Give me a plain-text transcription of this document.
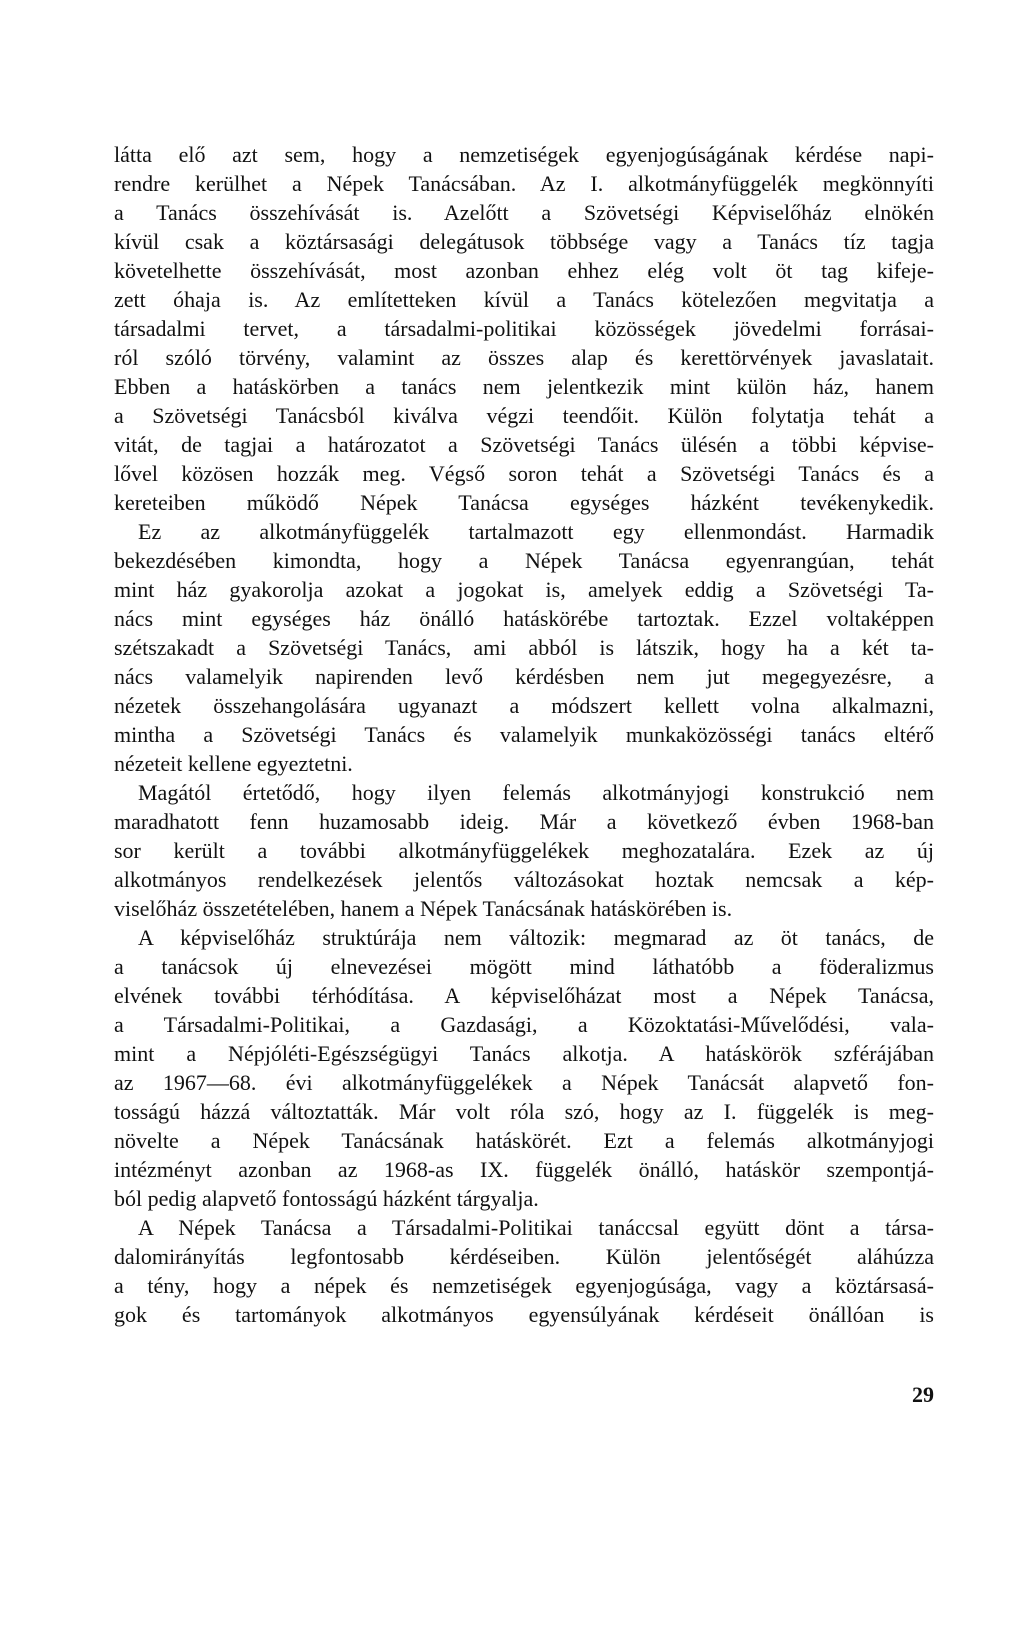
látta elő azt sem, hogy a nemzetiségek egyenjogúságának kérdése napi-
rendre kerülhet a Népek Tanácsában. Az I. alkotmányfüggelék megkönnyíti
a Tanács összehívását is. Azelőtt a Szövetségi Képviselőház elnökén
kívül csak a köztársasági delegátusok többsége vagy a Tanács tíz tagja
követelhette összehívását, most azonban ehhez elég volt öt tag kifeje-
zett óhaja is. Az említetteken kívül a Tanács kötelezően megvitatja a
társadalmi tervet, a társadalmi-politikai közösségek jövedelmi forrásai-
ról szóló törvény, valamint az összes alap és kerettörvények javaslatait.
Ebben a hatáskörben a tanács nem jelentkezik mint külön ház, hanem
a Szövetségi Tanácsból kiválva végzi teendőit. Külön folytatja tehát a
vitát, de tagjai a határozatot a Szövetségi Tanács ülésén a többi képvise-
lővel közösen hozzák meg. Végső soron tehát a Szövetségi Tanács és a
kereteiben működő Népek Tanácsa egységes házként tevékenykedik.
Ez az alkotmányfüggelék tartalmazott egy ellenmondást. Harmadik
bekezdésében kimondta, hogy a Népek Tanácsa egyenrangúan, tehát
mint ház gyakorolja azokat a jogokat is, amelyek eddig a Szövetségi Ta-
nács mint egységes ház önálló hatáskörébe tartoztak. Ezzel voltaképpen
szétszakadt a Szövetségi Tanács, ami abból is látszik, hogy ha a két ta-
nács valamelyik napirenden levő kérdésben nem jut megegyezésre, a
nézetek összehangolására ugyanazt a módszert kellett volna alkalmazni,
mintha a Szövetségi Tanács és valamelyik munkaközösségi tanács eltérő
nézeteit kellene egyeztetni.
Magától értetődő, hogy ilyen felemás alkotmányjogi konstrukció nem
maradhatott fenn huzamosabb ideig. Már a következő évben 1968-ban
sor került a további alkotmányfüggelékek meghozatalára. Ezek az új
alkotmányos rendelkezések jelentős változásokat hoztak nemcsak a kép-
viselőház összetételében, hanem a Népek Tanácsának hatáskörében is.
A képviselőház struktúrája nem változik: megmarad az öt tanács, de
a tanácsok új elnevezései mögött mind láthatóbb a föderalizmus
elvének további térhódítása. A képviselőházat most a Népek Tanácsa,
a Társadalmi-Politikai, a Gazdasági, a Közoktatási-Művelődési, vala-
mint a Népjóléti-Egészségügyi Tanács alkotja. A hatáskörök szférájában
az 1967—68. évi alkotmányfüggelékek a Népek Tanácsát alapvető fon-
tosságú házzá változtatták. Már volt róla szó, hogy az I. függelék is meg-
növelte a Népek Tanácsának hatáskörét. Ezt a felemás alkotmányjogi
intézményt azonban az 1968-as IX. függelék önálló, hatáskör szempontjá-
ból pedig alapvető fontosságú házként tárgyalja.
A Népek Tanácsa a Társadalmi-Politikai tanáccsal együtt dönt a társa-
dalomirányítás legfontosabb kérdéseiben. Külön jelentőségét aláhúzza
a tény, hogy a népek és nemzetiségek egyenjogúsága, vagy a köztársasá-
gok és tartományok alkotmányos egyensúlyának kérdéseit önállóan is
29
